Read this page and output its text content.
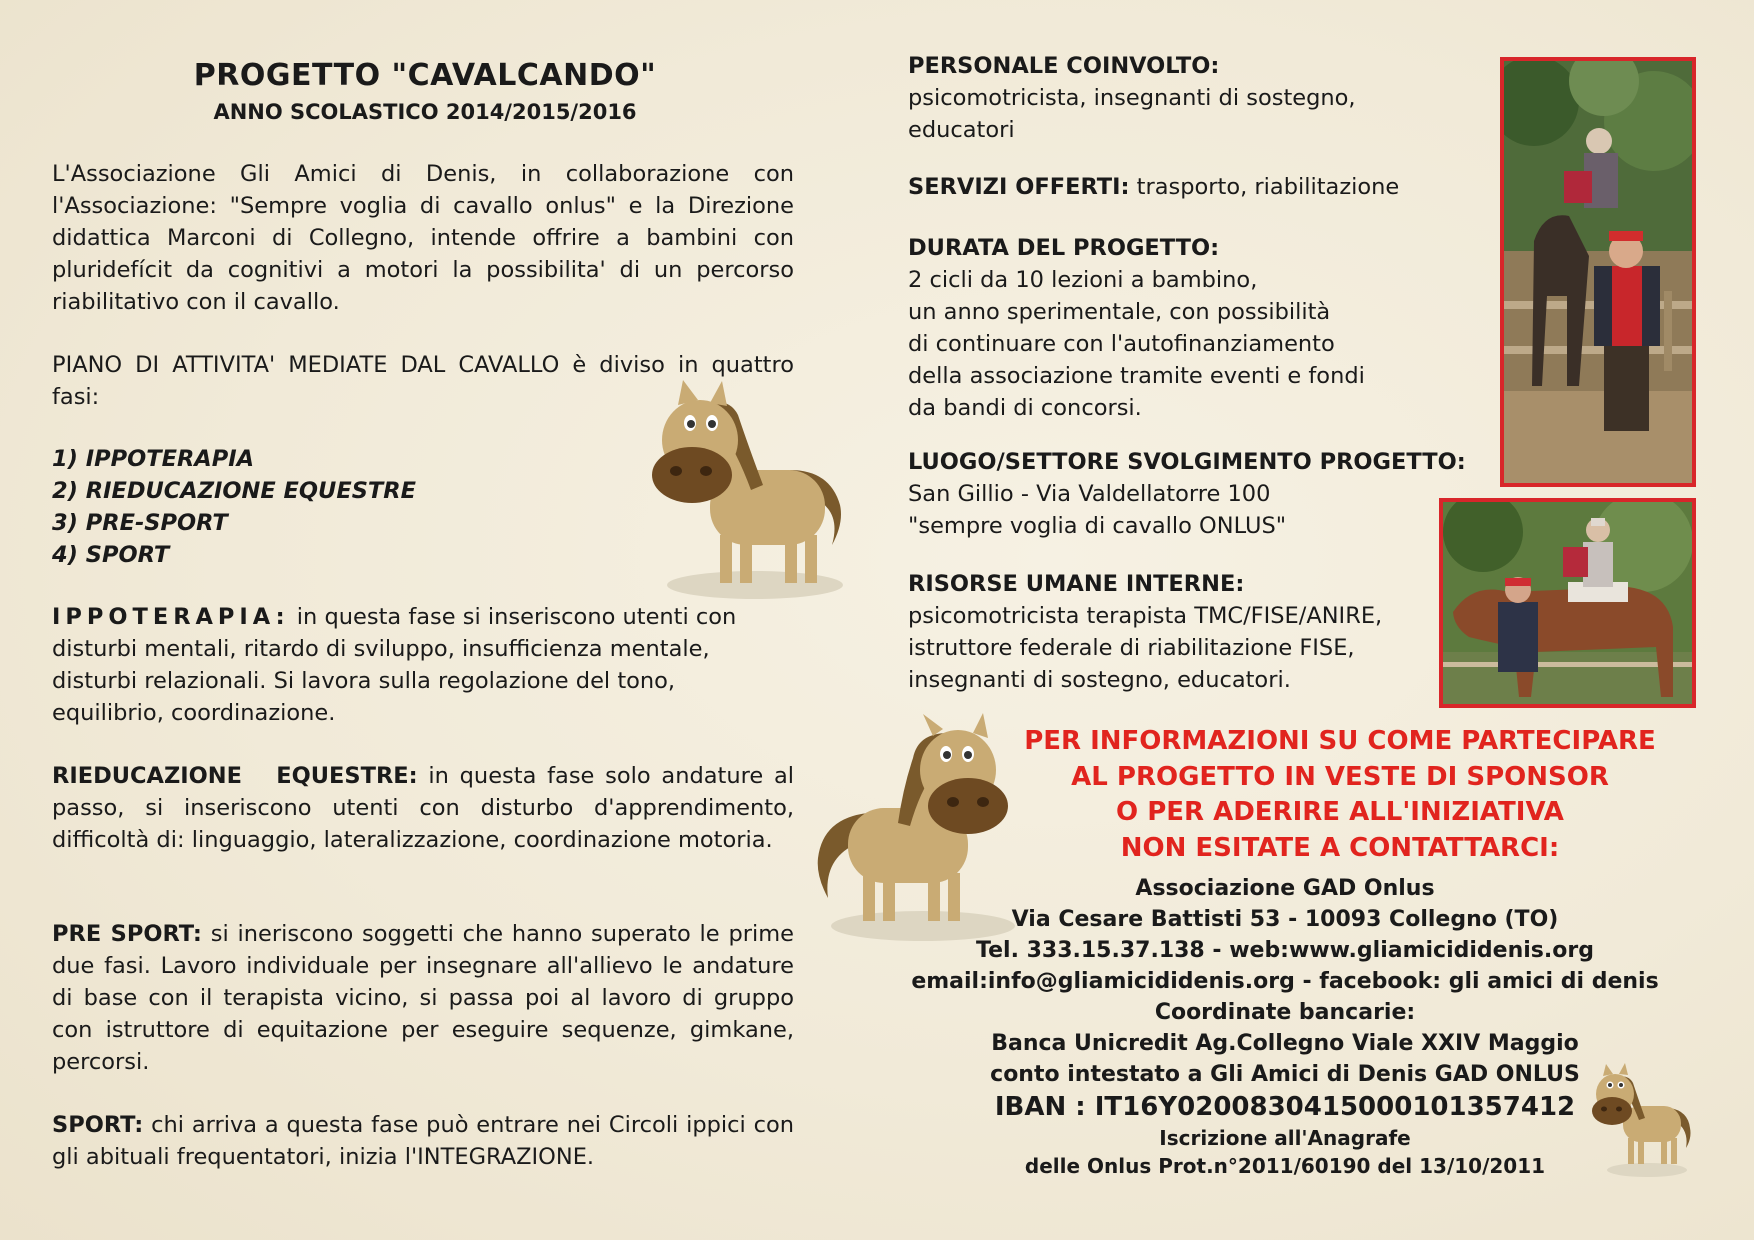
PROGETTO "CAVALCANDO"
ANNO SCOLASTICO 2014/2015/2016

L'Associazione Gli Amici di Denis, in collaborazione con l'Associazione: "Sempre voglia di cavallo onlus" e la Direzione didattica Marconi di Collegno, intende offrire a bambini con pluridefícit da cognitivi a motori la possibilita' di un percorso riabilitativo con il cavallo.

PIANO DI ATTIVITA' MEDIATE DAL CAVALLO è diviso in quattro fasi:

1) IPPOTERAPIA
2) RIEDUCAZIONE EQUESTRE
3) PRE-SPORT
4) SPORT

IPPOTERAPIA: in questa fase si inseriscono utenti con disturbi mentali, ritardo di sviluppo, insufficienza mentale, disturbi relazionali. Si lavora sulla regolazione del tono, equilibrio, coordinazione.

RIEDUCAZIONE   EQUESTRE: in questa fase solo andature al passo, si inseriscono utenti con disturbo d'apprendimento, difficoltà di: linguaggio, lateralizzazione, coordinazione motoria.

PRE SPORT: si ineriscono soggetti che hanno superato le prime due fasi. Lavoro individuale per insegnare all'allievo le andature di base con il terapista vicino, si passa poi al lavoro di gruppo con istruttore di equitazione per eseguire sequenze, gimkane, percorsi.

SPORT: chi arriva a questa fase può entrare nei Circoli ippici con gli abituali frequentatori, inizia l'INTEGRAZIONE.

PERSONALE COINVOLTO:
psicomotricista, insegnanti di sostegno,
educatori
SERVIZI OFFERTI: trasporto, riabilitazione
DURATA DEL PROGETTO:
2 cicli da 10 lezioni a bambino,
un anno sperimentale, con possibilità
di continuare con l'autofinanziamento
della associazione tramite eventi e fondi
da bandi di concorsi.
LUOGO/SETTORE SVOLGIMENTO PROGETTO:
San Gillio - Via Valdellatorre 100
"sempre voglia di cavallo ONLUS"
RISORSE UMANE INTERNE:
psicomotricista terapista TMC/FISE/ANIRE,
istruttore federale di riabilitazione FISE,
insegnanti di sostegno, educatori.
PER INFORMAZIONI SU COME PARTECIPARE
AL PROGETTO IN VESTE DI SPONSOR
O PER ADERIRE ALL'INIZIATIVA
NON ESITATE A CONTATTARCI:
Associazione GAD Onlus
Via Cesare Battisti 53 - 10093 Collegno (TO)
Tel. 333.15.37.138 - web:www.gliamicididenis.org
email:info@gliamicididenis.org - facebook: gli amici di denis
Coordinate bancarie:
Banca Unicredit Ag.Collegno Viale XXIV Maggio
conto intestato a Gli Amici di Denis GAD ONLUS
IBAN : IT16Y0200830415000101357412
Iscrizione all'Anagrafe
delle Onlus Prot.n°2011/60190 del 13/10/2011
